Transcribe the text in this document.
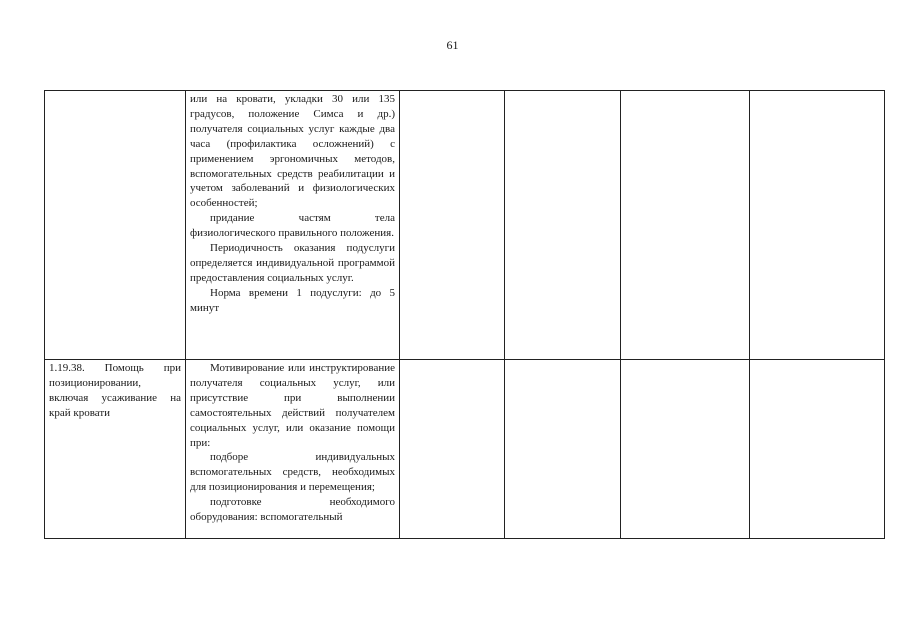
61

	или на кровати, укладки 30 или 135 градусов, положение Симса и др.) получателя социальных услуг каждые два часа (профилактика осложнений) с применением эргономичных методов, вспомогательных средств реабилитации и учетом заболеваний и физиологических особенностей;

придание частям тела физиологического правильного положения.

Периодичность оказания подуслуги определяется индивидуальной программой предоставления социальных услуг.

Норма времени 1 подуслуги: до 5 минут				

1.19.38. Помощь при позиционировании, включая усаживание на край кровати	Мотивирование или инструктирование получателя социальных услуг, или присутствие при выполнении самостоятельных действий получателем социальных услуг, или оказание помощи при:

подборе индивидуальных вспомогательных средств, необходимых для позиционирования и перемещения;

подготовке необходимого оборудования: вспомогательный				
